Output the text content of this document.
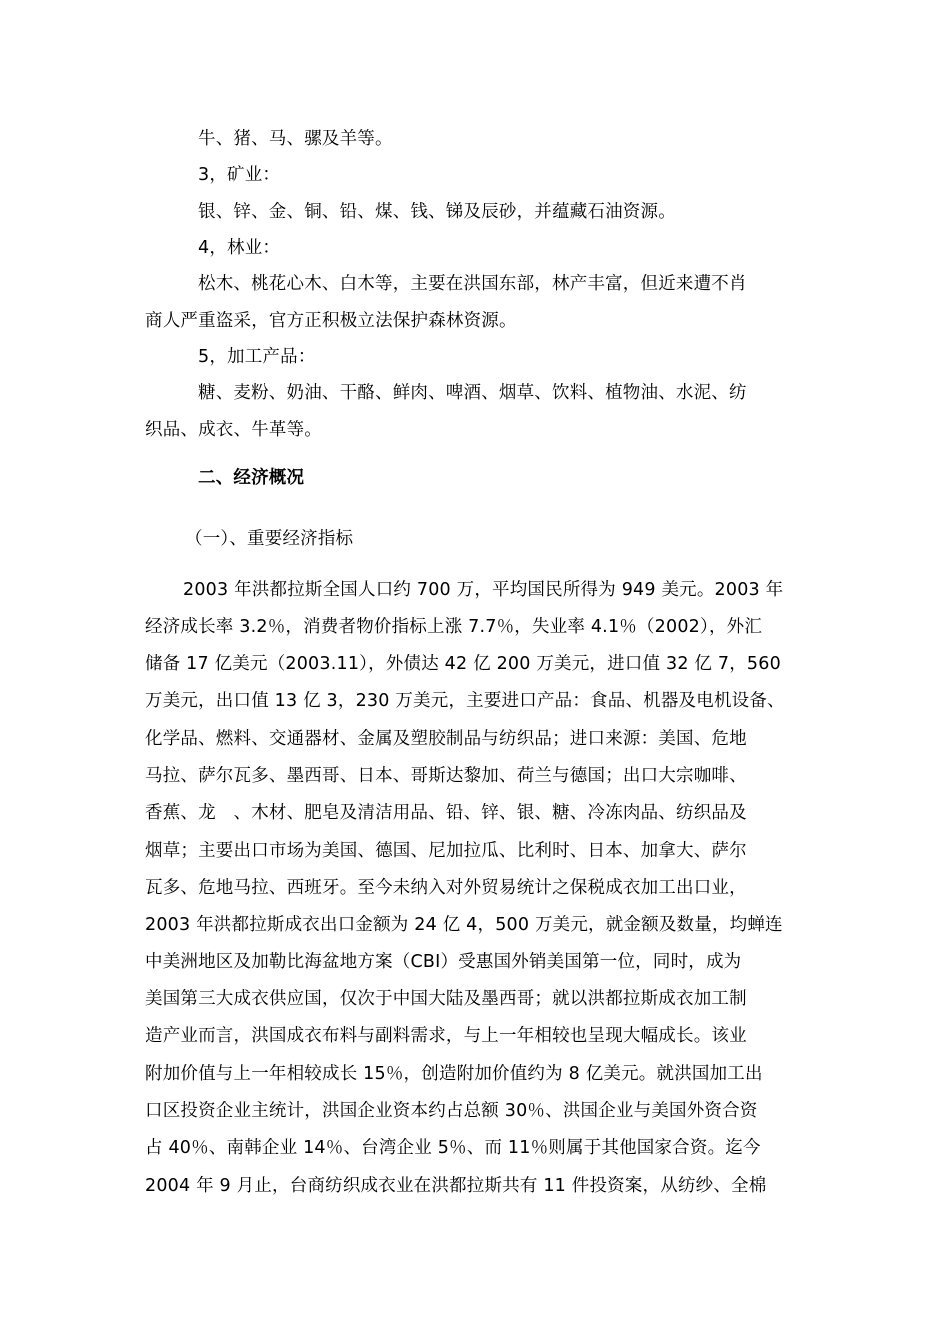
牛、猪、马、骡及羊等。
3，矿业：
银、锌、金、铜、铅、煤、钱、锑及辰砂，并蕴藏石油资源。
4，林业：
松木、桃花心木、白木等，主要在洪国东部，林产丰富，但近来遭不肖
商人严重盗采，官方正积极立法保护森林资源。
5，加工产品：
糖、麦粉、奶油、干酪、鲜肉、啤酒、烟草、饮料、植物油、水泥、纺
织品、成衣、牛革等。
二、经济概况
（一）、重要经济指标
2003 年洪都拉斯全国人口约 700 万，平均国民所得为 949 美元。2003 年
经济成长率 3.2％，消费者物价指标上涨 7.7％，失业率 4.1％（2002），外汇
储备 17 亿美元（2003.11），外债达 42 亿 200 万美元，进口值 32 亿 7，560
万美元，出口值 13 亿 3，230 万美元，主要进口产品：食品、机器及电机设备、
化学品、燃料、交通器材、金属及塑胶制品与纺织品；进口来源：美国、危地
马拉、萨尔瓦多、墨西哥、日本、哥斯达黎加、荷兰与德国；出口大宗咖啡、
香蕉、龙　、木材、肥皂及清洁用品、铅、锌、银、糖、冷冻肉品、纺织品及
烟草；主要出口市场为美国、德国、尼加拉瓜、比利时、日本、加拿大、萨尔
瓦多、危地马拉、西班牙。至今未纳入对外贸易统计之保税成衣加工出口业，
2003 年洪都拉斯成衣出口金额为 24 亿 4，500 万美元，就金额及数量，均蝉连
中美洲地区及加勒比海盆地方案（CBI）受惠国外销美国第一位，同时，成为
美国第三大成衣供应国，仅次于中国大陆及墨西哥；就以洪都拉斯成衣加工制
造产业而言，洪国成衣布料与副料需求，与上一年相较也呈现大幅成长。该业
附加价值与上一年相较成长 15％，创造附加价值约为 8 亿美元。就洪国加工出
口区投资企业主统计，洪国企业资本约占总额 30％、洪国企业与美国外资合资
占 40％、南韩企业 14％、台湾企业 5％、而 11％则属于其他国家合资。迄今
2004 年 9 月止，台商纺织成衣业在洪都拉斯共有 11 件投资案，从纺纱、全棉
